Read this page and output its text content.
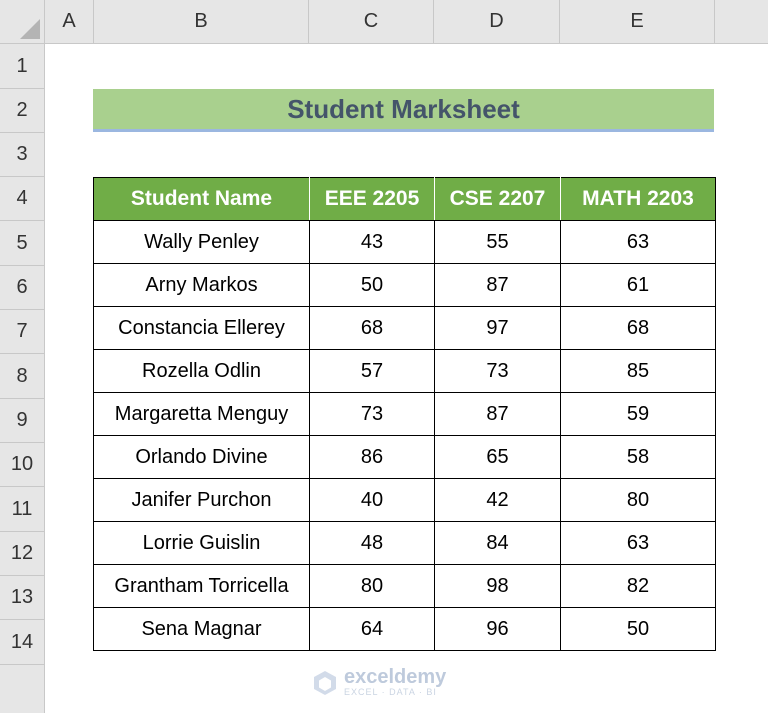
A	B	C	D	E
1
2
3
4
5
6
7
8
9
10
11
12
13
14
Student Marksheet
Student Name	EEE 2205	CSE 2207	MATH 2203
Wally Penley	43	55	63
Arny Markos	50	87	61
Constancia Ellerey	68	97	68
Rozella Odlin	57	73	85
Margaretta Menguy	73	87	59
Orlando Divine	86	65	58
Janifer Purchon	40	42	80
Lorrie Guislin	48	84	63
Grantham Torricella	80	98	82
Sena Magnar	64	96	50
exceldemy
EXCEL · DATA · BI
